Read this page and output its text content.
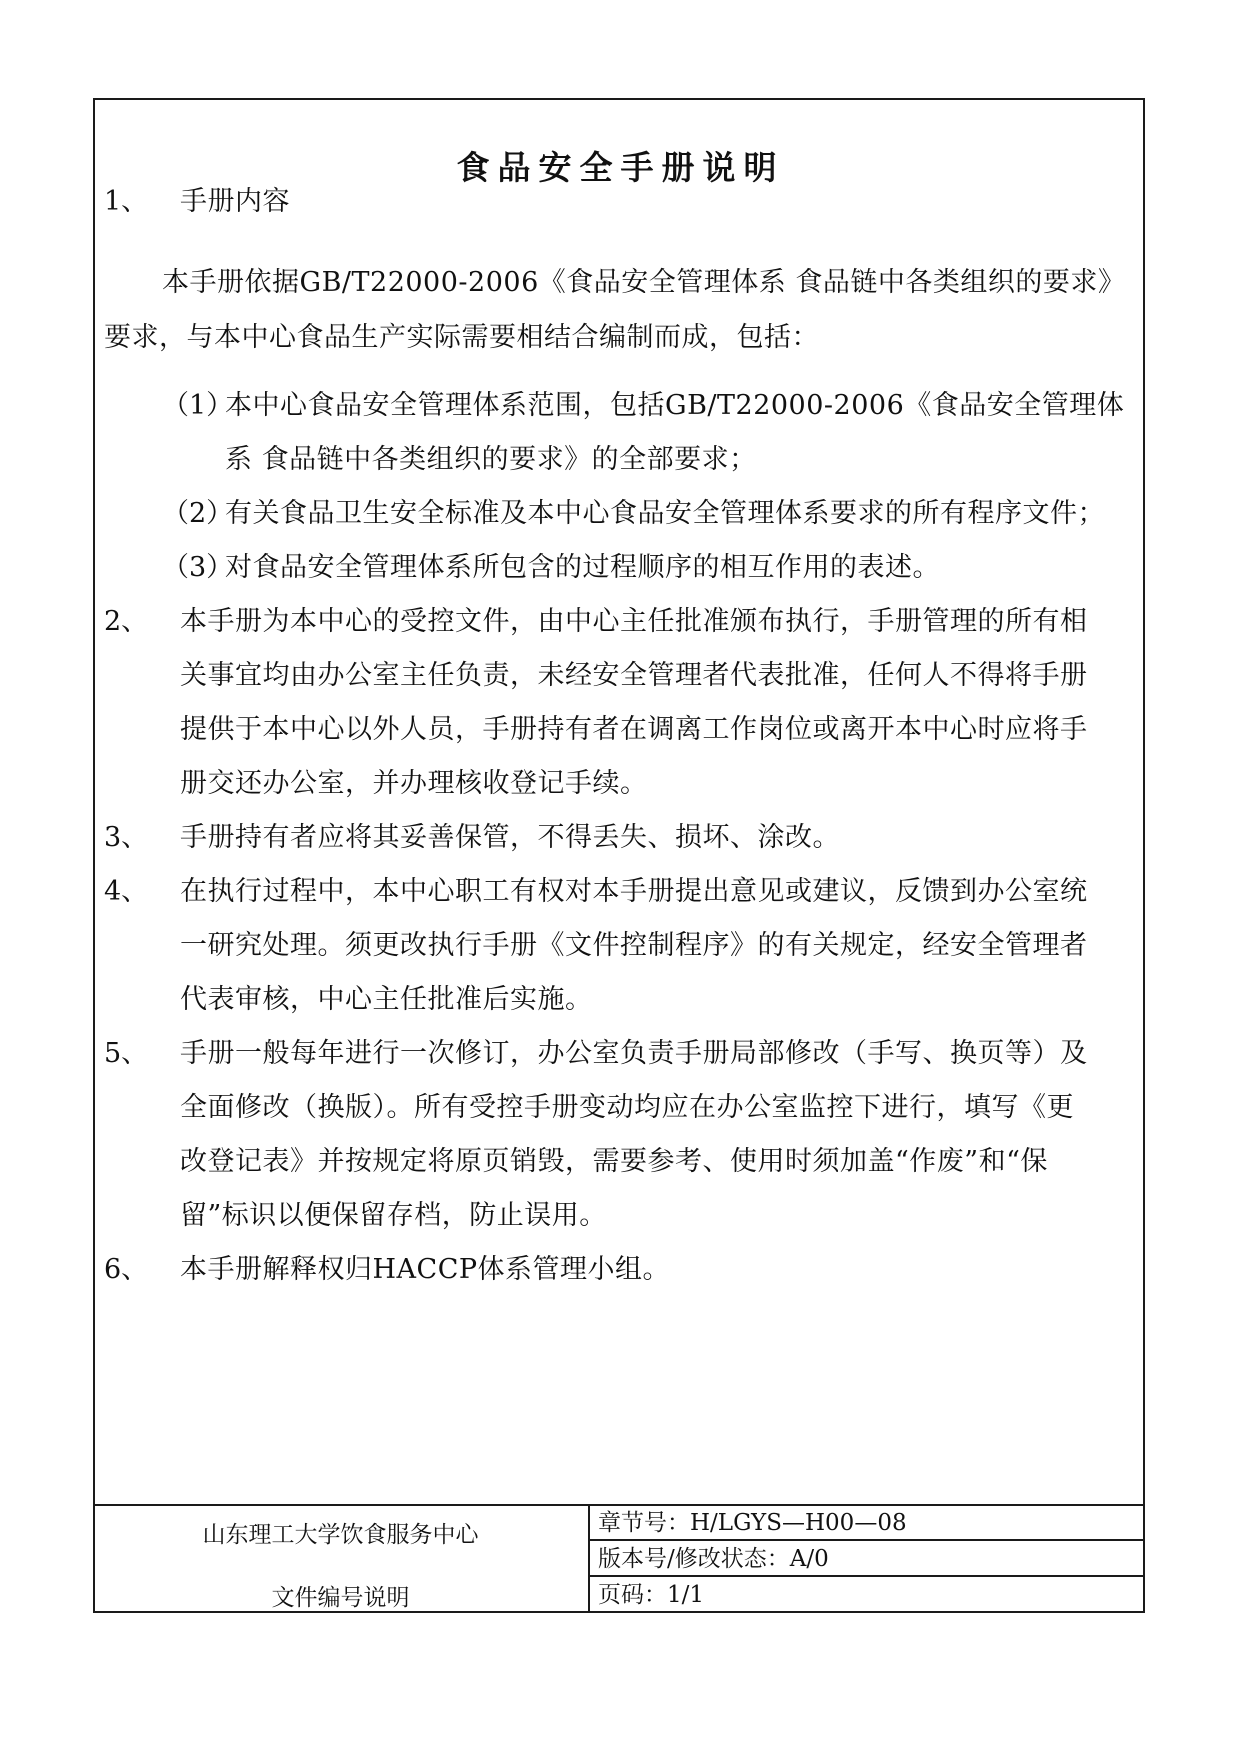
食品安全手册说明
1、 手册内容
本手册依据GB/T22000-2006《食品安全管理体系 食品链中各类组织的要求》
要求，与本中心食品生产实际需要相结合编制而成，包括：
（1）
本中心食品安全管理体系范围，包括GB/T22000-2006《食品安全管理体
系 食品链中各类组织的要求》的全部要求；
（2）
有关食品卫生安全标准及本中心食品安全管理体系要求的所有程序文件；
（3）
对食品安全管理体系所包含的过程顺序的相互作用的表述。
2、 本手册为本中心的受控文件，由中心主任批准颁布执行，手册管理的所有相
关事宜均由办公室主任负责，未经安全管理者代表批准，任何人不得将手册
提供于本中心以外人员，手册持有者在调离工作岗位或离开本中心时应将手
册交还办公室，并办理核收登记手续。
3、 手册持有者应将其妥善保管，不得丢失、损坏、涂改。
4、 在执行过程中，本中心职工有权对本手册提出意见或建议，反馈到办公室统
一研究处理。须更改执行手册《文件控制程序》的有关规定，经安全管理者
代表审核，中心主任批准后实施。
5、 手册一般每年进行一次修订，办公室负责手册局部修改（手写、换页等）及
全面修改（换版）。所有受控手册变动均应在办公室监控下进行，填写《更
改登记表》并按规定将原页销毁，需要参考、使用时须加盖“作废”和“保
留”标识以便保留存档，防止误用。
6、 本手册解释权归HACCP体系管理小组。
山东理工大学饮食服务中心
文件编号说明
章节号：H/LGYS—H00—08
版本号/修改状态：A/0
页码：1/1
